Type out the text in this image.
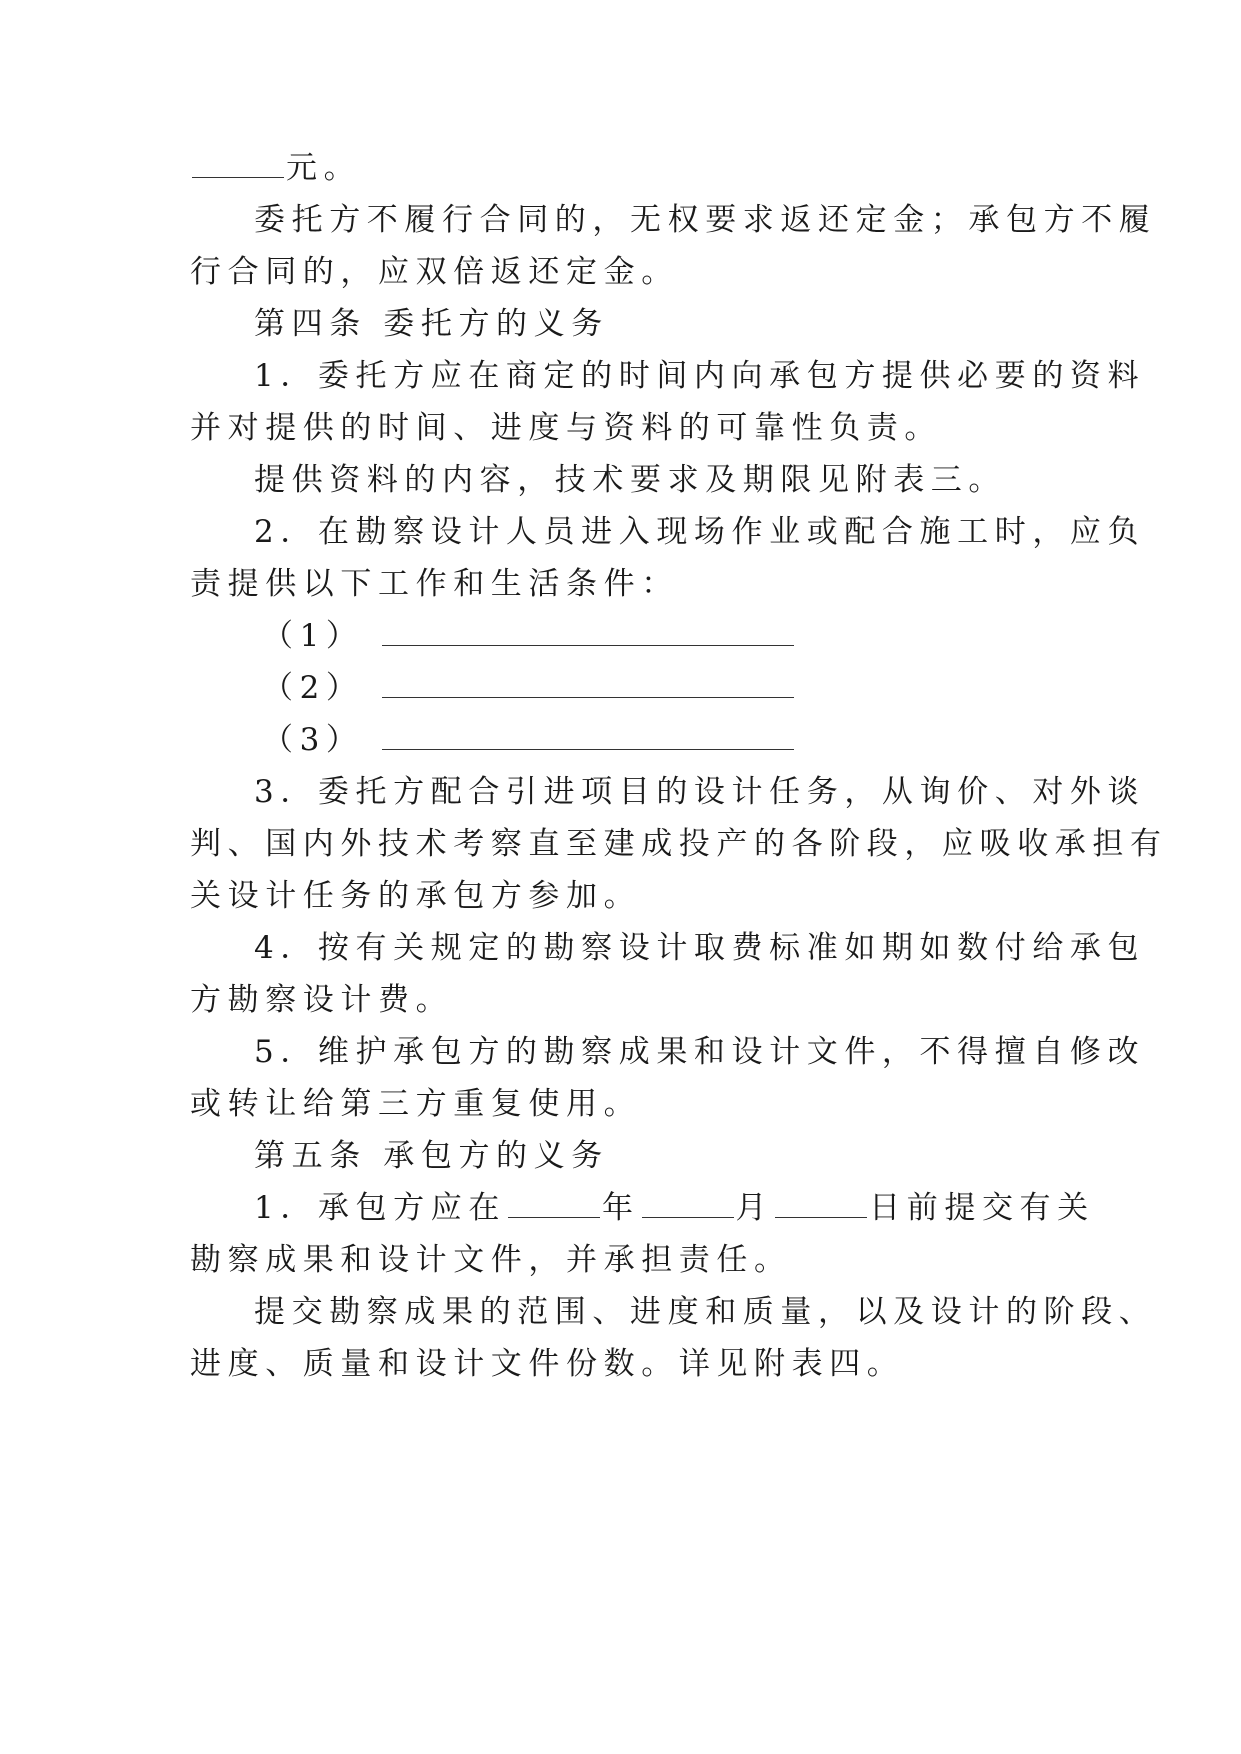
元。
委托方不履行合同的，无权要求返还定金；承包方不履
行合同的，应双倍返还定金。
第四条 委托方的义务
1．委托方应在商定的时间内向承包方提供必要的资料
并对提供的时间、进度与资料的可靠性负责。
提供资料的内容，技术要求及期限见附表三。
2．在勘察设计人员进入现场作业或配合施工时，应负
责提供以下工作和生活条件：
（1）
（2）
（3）
3．委托方配合引进项目的设计任务，从询价、对外谈
判、国内外技术考察直至建成投产的各阶段，应吸收承担有
关设计任务的承包方参加。
4．按有关规定的勘察设计取费标准如期如数付给承包
方勘察设计费。
5．维护承包方的勘察成果和设计文件，不得擅自修改
或转让给第三方重复使用。
第五条 承包方的义务
1．承包方应在	年	月	日前提交有关
勘察成果和设计文件，并承担责任。
提交勘察成果的范围、进度和质量，以及设计的阶段、
进度、质量和设计文件份数。详见附表四。
